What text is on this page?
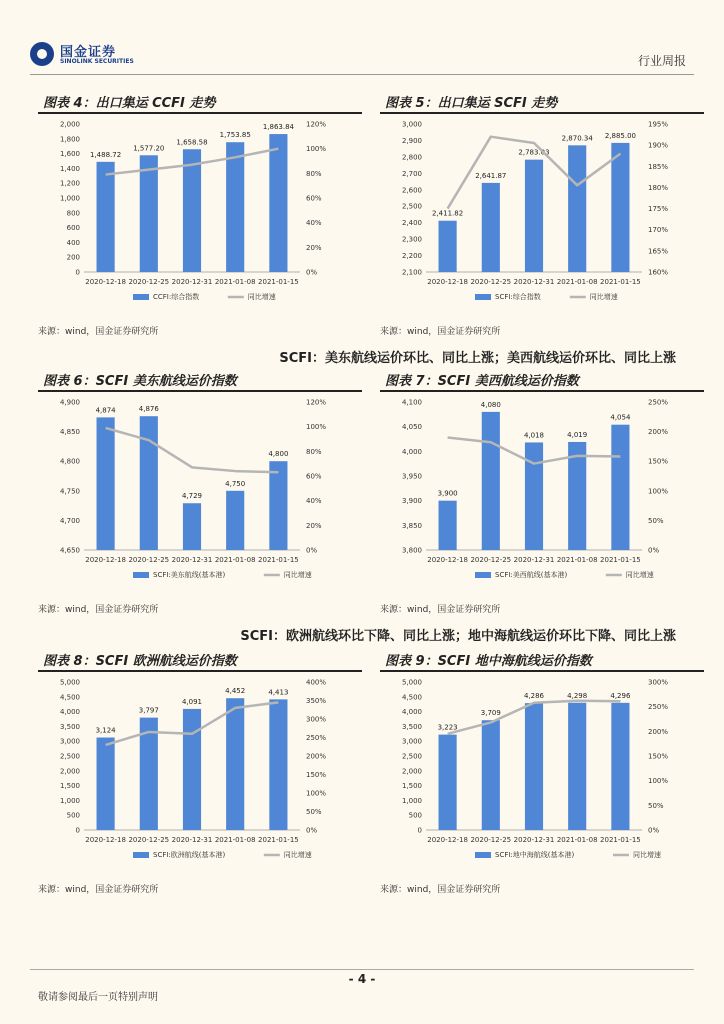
国金证券
SINOLINK SECURITIES	行业周报
图表 4：出口集运 CCFI 走势
0
200
400
600
800
1,000
1,200
1,400
1,600
1,800
2,000
0%
20%
40%
60%
80%
100%
120%
1,488.72
1,577.20
1,658.58
1,753.85
1,863.84
2020-12-18 2020-12-25 2020-12-31 2021-01-08 2021-01-15
CCFI:综合指数	同比增速
来源：wind，国金证券研究所
图表 5：出口集运 SCFI 走势
2,100
2,200
2,300
2,400
2,500
2,600
2,700
2,800
2,900
3,000
160%
165%
170%
175%
180%
185%
190%
195%
2,411.82
2,641.87
2,783.03
2,870.34 2,885.00
2020-12-18 2020-12-25 2020-12-31 2021-01-08 2021-01-15
SCFI:综合指数	同比增速
来源：wind，国金证券研究所
SCFI：美东航线运价环比、同比上涨；美西航线运价环比、同比上涨
图表 6：SCFI 美东航线运价指数
4,650
4,700
4,750
4,800
4,850
4,900
0%
20%
40%
60%
80%
100%
120%
4,874	4,876
4,729
4,750
4,800
2020-12-18 2020-12-25 2020-12-31 2021-01-08 2021-01-15
SCFI:美东航线(基本港)	同比增速
来源：wind，国金证券研究所
图表 7：SCFI 美西航线运价指数
3,800
3,850
3,900
3,950
4,000
4,050
4,100
0%
50%
100%
150%
200%
250%
3,900
4,080
4,018	4,019
4,054
2020-12-18 2020-12-25 2020-12-31 2021-01-08 2021-01-15
SCFI:美西航线(基本港)	同比增速
来源：wind，国金证券研究所
SCFI：欧洲航线环比下降、同比上涨；地中海航线运价环比下降、同比上涨
图表 8：SCFI 欧洲航线运价指数
0
500
1,000
1,500
2,000
2,500
3,000
3,500
4,000
4,500
5,000
0%
50%
100%
150%
200%
250%
300%
350%
400%
3,124
3,797
4,091
4,452	4,413
2020-12-18 2020-12-25 2020-12-31 2021-01-08 2021-01-15
SCFI:欧洲航线(基本港)	同比增速
来源：wind，国金证券研究所
图表 9：SCFI 地中海航线运价指数
0
500
1,000
1,500
2,000
2,500
3,000
3,500
4,000
4,500
5,000
0%
50%
100%
150%
200%
250%
300%
3,223
3,709
4,286	4,298	4,296
2020-12-18 2020-12-25 2020-12-31 2021-01-08 2021-01-15
SCFI:地中海航线(基本港)	同比增速
来源：wind，国金证券研究所
- 4 -
敬请参阅最后一页特别声明
